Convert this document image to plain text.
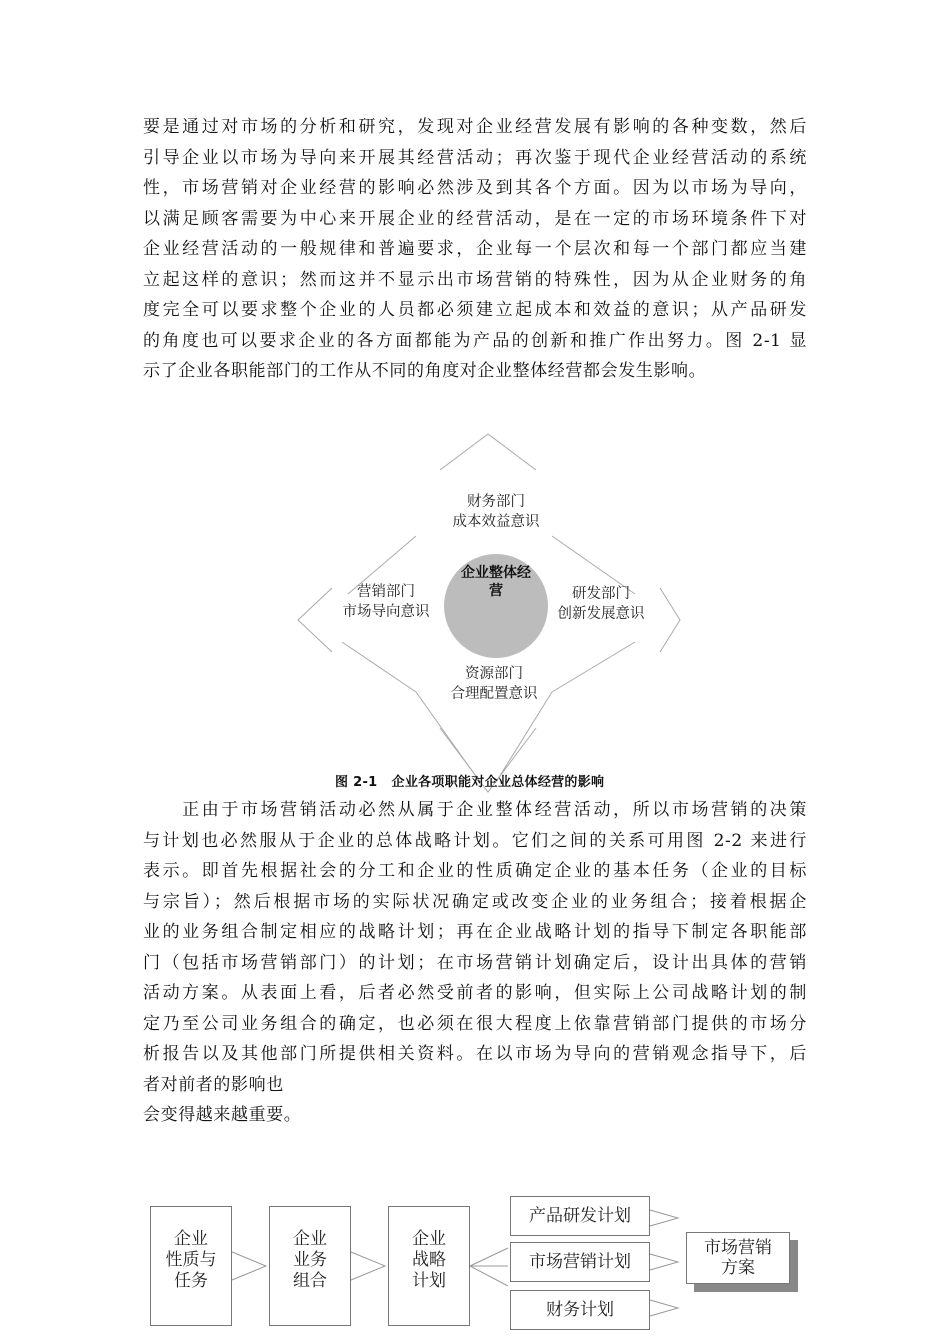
要是通过对市场的分析和研究，发现对企业经营发展有影响的各种变数，然后
引导企业以市场为导向来开展其经营活动；再次鉴于现代企业经营活动的系统
性，市场营销对企业经营的影响必然涉及到其各个方面。因为以市场为导向，
以满足顾客需要为中心来开展企业的经营活动，是在一定的市场环境条件下对
企业经营活动的一般规律和普遍要求，企业每一个层次和每一个部门都应当建
立起这样的意识；然而这并不显示出市场营销的特殊性，因为从企业财务的角
度完全可以要求整个企业的人员都必须建立起成本和效益的意识；从产品研发
的角度也可以要求企业的各方面都能为产品的创新和推广作出努力。图 2-1 显
示了企业各职能部门的工作从不同的角度对企业整体经营都会发生影响。
财务部门
成本效益意识
营销部门
市场导向意识
研发部门
创新发展意识
资源部门
合理配置意识
企业整体经
营
图 2-1 企业各项职能对企业总体经营的影响
　　正由于市场营销活动必然从属于企业整体经营活动，所以市场营销的决策
与计划也必然服从于企业的总体战略计划。它们之间的关系可用图 2-2 来进行
表示。即首先根据社会的分工和企业的性质确定企业的基本任务（企业的目标
与宗旨）；然后根据市场的实际状况确定或改变企业的业务组合；接着根据企
业的业务组合制定相应的战略计划；再在企业战略计划的指导下制定各职能部
门（包括市场营销部门）的计划；在市场营销计划确定后，设计出具体的营销
活动方案。从表面上看，后者必然受前者的影响，但实际上公司战略计划的制
定乃至公司业务组合的确定，也必须在很大程度上依靠营销部门提供的市场分
析报告以及其他部门所提供相关资料。在以市场为导向的营销观念指导下，后
者对前者的影响也
会变得越来越重要。
企业
性质与
任务
企业
业务
组合
企业
战略
计划
产品研发计划
市场营销计划
财务计划
市场营销
方案
